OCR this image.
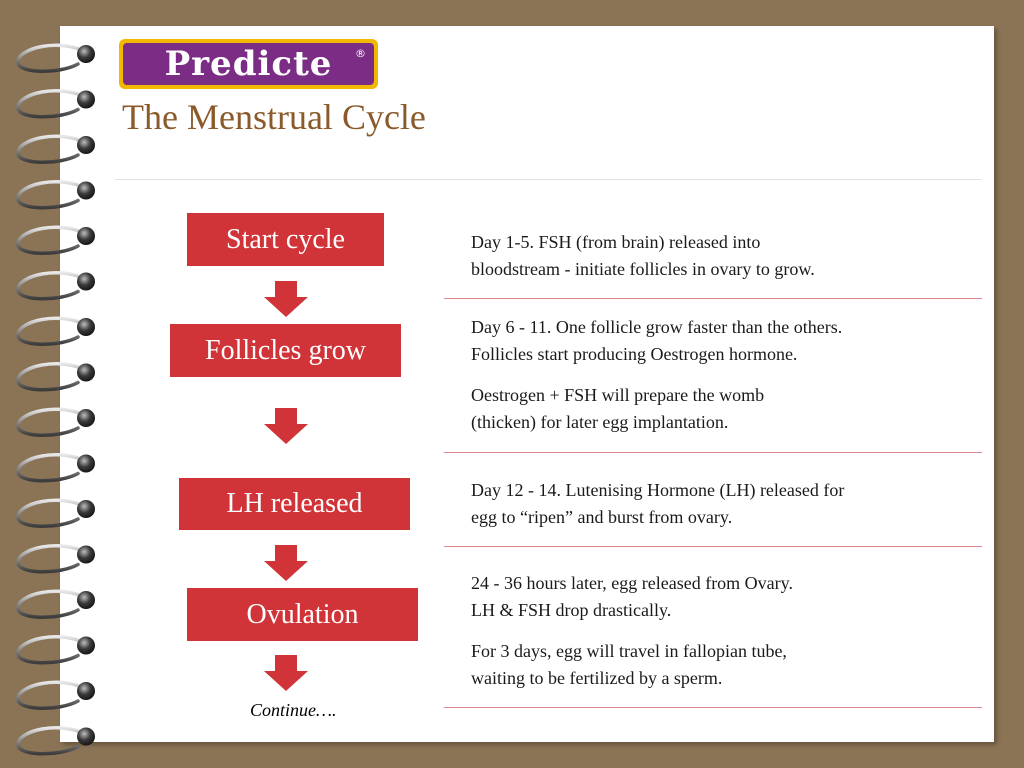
Predicte ®
The Menstrual Cycle
Start cycle
Follicles grow
LH released
Ovulation
Continue….

Day 1-5. FSH (from brain) released into
bloodstream - initiate follicles in ovary to grow.

Day 6 - 11. One follicle grow faster than the others.
Follicles start producing Oestrogen hormone.

Oestrogen + FSH will prepare the womb
(thicken) for later egg implantation.

Day 12 - 14. Lutenising Hormone (LH) released for
egg to “ripen” and burst from ovary.

24 - 36 hours later, egg released from Ovary.
LH & FSH drop drastically.

For 3 days, egg will travel in fallopian tube,
waiting to be fertilized by a sperm.
